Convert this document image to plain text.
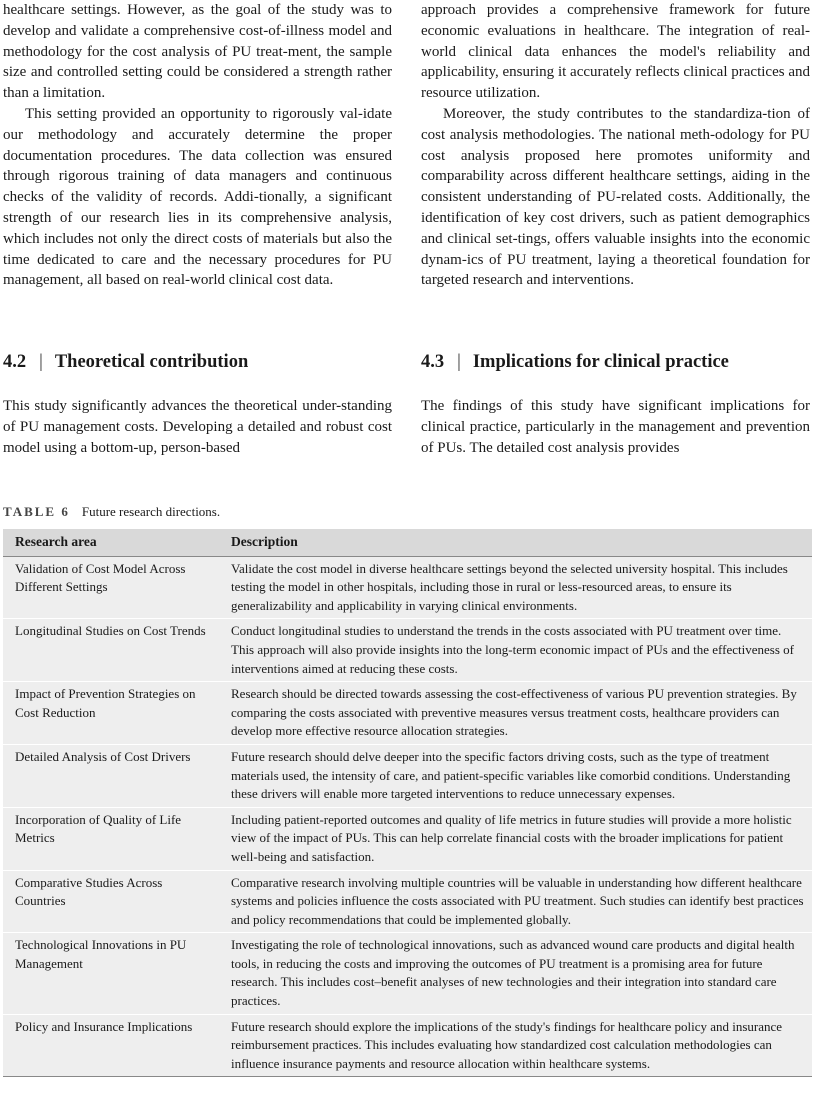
healthcare settings. However, as the goal of the study was to develop and validate a comprehensive cost-of-illness model and methodology for the cost analysis of PU treat-ment, the sample size and controlled setting could be considered a strength rather than a limitation.

This setting provided an opportunity to rigorously val-idate our methodology and accurately determine the proper documentation procedures. The data collection was ensured through rigorous training of data managers and continuous checks of the validity of records. Addi-tionally, a significant strength of our research lies in its comprehensive analysis, which includes not only the direct costs of materials but also the time dedicated to care and the necessary procedures for PU management, all based on real-world clinical cost data.

approach provides a comprehensive framework for future economic evaluations in healthcare. The integration of real-world clinical data enhances the model's reliability and applicability, ensuring it accurately reflects clinical practices and resource utilization.

Moreover, the study contributes to the standardiza-tion of cost analysis methodologies. The national meth-odology for PU cost analysis proposed here promotes uniformity and comparability across different healthcare settings, aiding in the consistent understanding of PU-related costs. Additionally, the identification of key cost drivers, such as patient demographics and clinical set-tings, offers valuable insights into the economic dynam-ics of PU treatment, laying a theoretical foundation for targeted research and interventions.

4.2 | Theoretical contribution	4.3 | Implications for clinical practice

This study significantly advances the theoretical under-standing of PU management costs. Developing a detailed and robust cost model using a bottom-up, person-based

The findings of this study have significant implications for clinical practice, particularly in the management and prevention of PUs. The detailed cost analysis provides

TABLE 6 Future research directions.
Research area	Description
Validation of Cost Model Across Different Settings	Validate the cost model in diverse healthcare settings beyond the selected university hospital. This includes testing the model in other hospitals, including those in rural or less-resourced areas, to ensure its generalizability and applicability in varying clinical environments.
Longitudinal Studies on Cost Trends	Conduct longitudinal studies to understand the trends in the costs associated with PU treatment over time. This approach will also provide insights into the long-term economic impact of PUs and the effectiveness of interventions aimed at reducing these costs.
Impact of Prevention Strategies on Cost Reduction	Research should be directed towards assessing the cost-effectiveness of various PU prevention strategies. By comparing the costs associated with preventive measures versus treatment costs, healthcare providers can develop more effective resource allocation strategies.
Detailed Analysis of Cost Drivers	Future research should delve deeper into the specific factors driving costs, such as the type of treatment materials used, the intensity of care, and patient-specific variables like comorbid conditions. Understanding these drivers will enable more targeted interventions to reduce unnecessary expenses.
Incorporation of Quality of Life Metrics	Including patient-reported outcomes and quality of life metrics in future studies will provide a more holistic view of the impact of PUs. This can help correlate financial costs with the broader implications for patient well-being and satisfaction.
Comparative Studies Across Countries	Comparative research involving multiple countries will be valuable in understanding how different healthcare systems and policies influence the costs associated with PU treatment. Such studies can identify best practices and policy recommendations that could be implemented globally.
Technological Innovations in PU Management	Investigating the role of technological innovations, such as advanced wound care products and digital health tools, in reducing the costs and improving the outcomes of PU treatment is a promising area for future research. This includes cost–benefit analyses of new technologies and their integration into standard care practices.
Policy and Insurance Implications	Future research should explore the implications of the study's findings for healthcare policy and insurance reimbursement practices. This includes evaluating how standardized cost calculation methodologies can influence insurance payments and resource allocation within healthcare systems.
